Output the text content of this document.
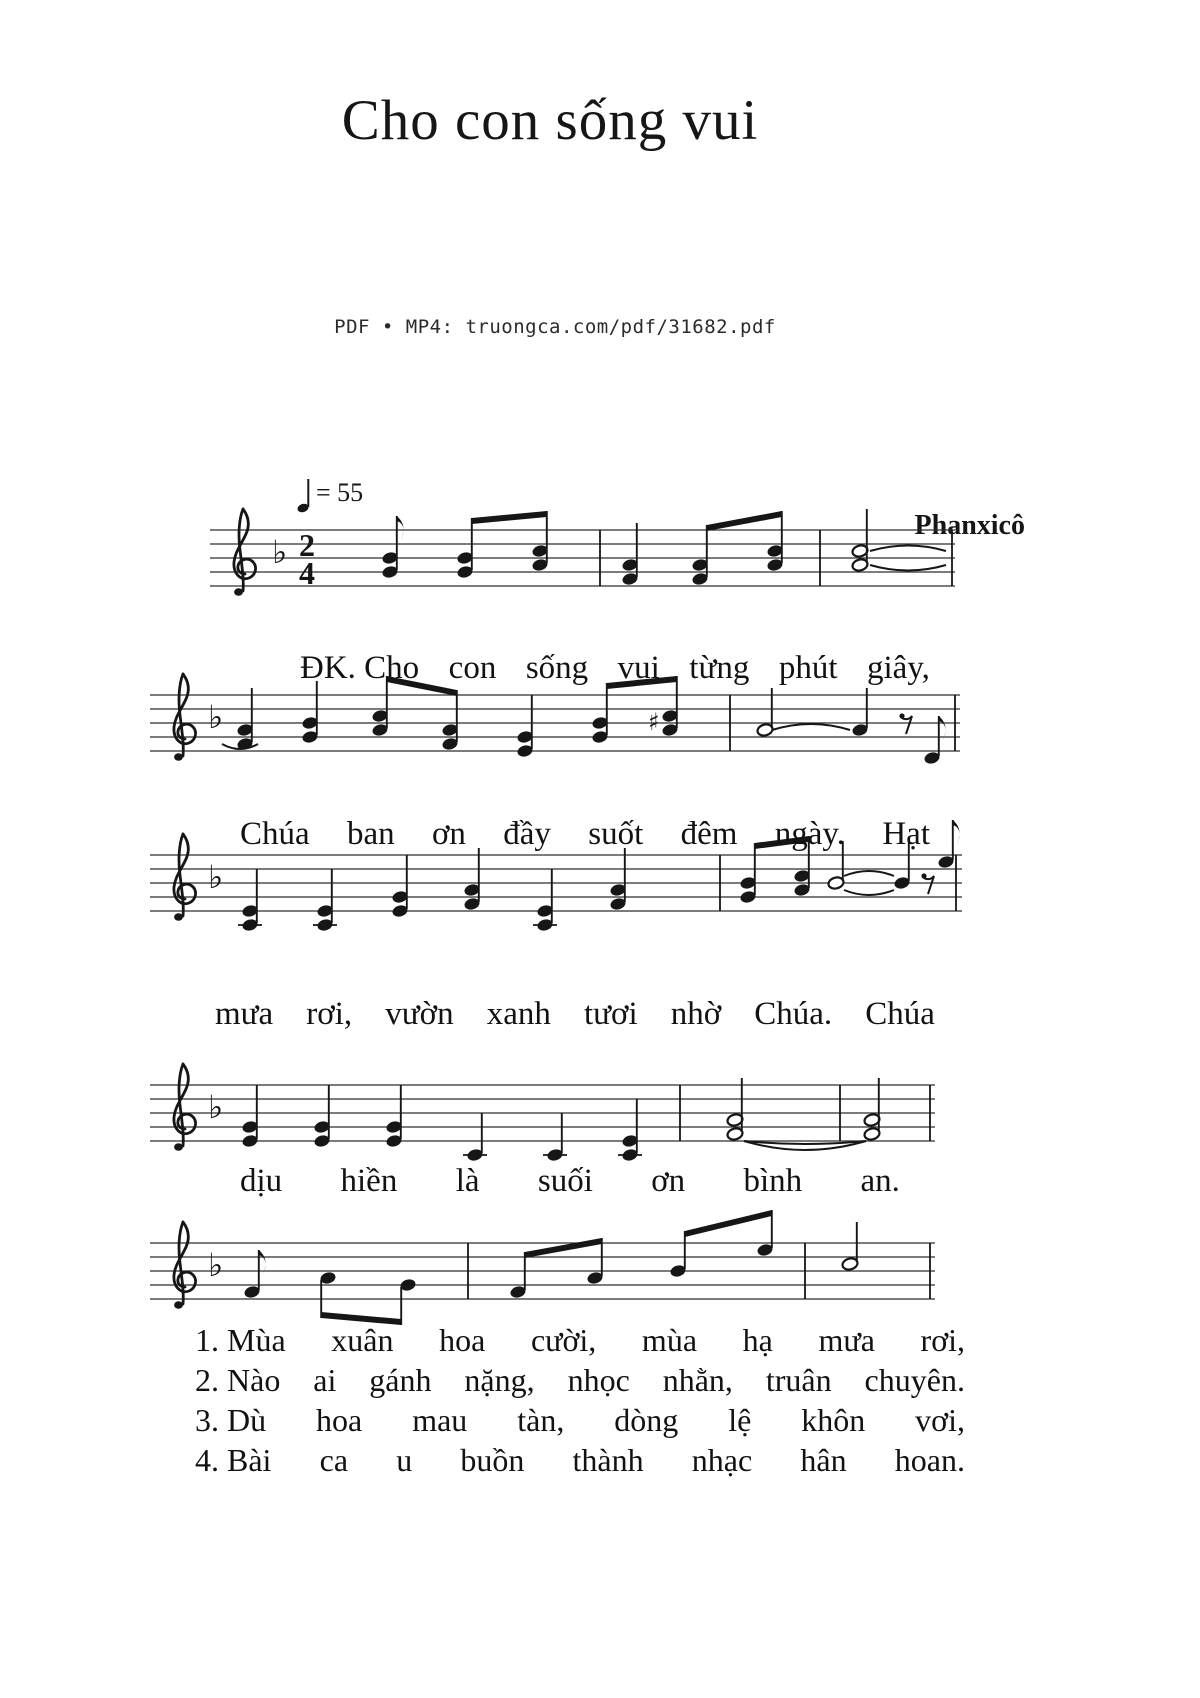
Cho con sống vui
PDF • MP4: truongca.com/pdf/31682.pdf
= 55
Phanxicô
♭ 2
4
♭	♯
♭
♭
♭
ĐK. Cho con sống vui từng phút giây,
Chúa ban ơn đầy suốt đêm ngày. Hạt
mưa rơi, vườn xanh tươi nhờ Chúa. Chúa
dịu hiền là suối ơn bình an.
1. Mùa xuân hoa cười, mùa hạ mưa rơi,
2. Nào ai gánh nặng, nhọc nhằn, truân chuyên.
3. Dù hoa mau tàn, dòng lệ khôn vơi,
4. Bài ca u buồn thành nhạc hân hoan.
